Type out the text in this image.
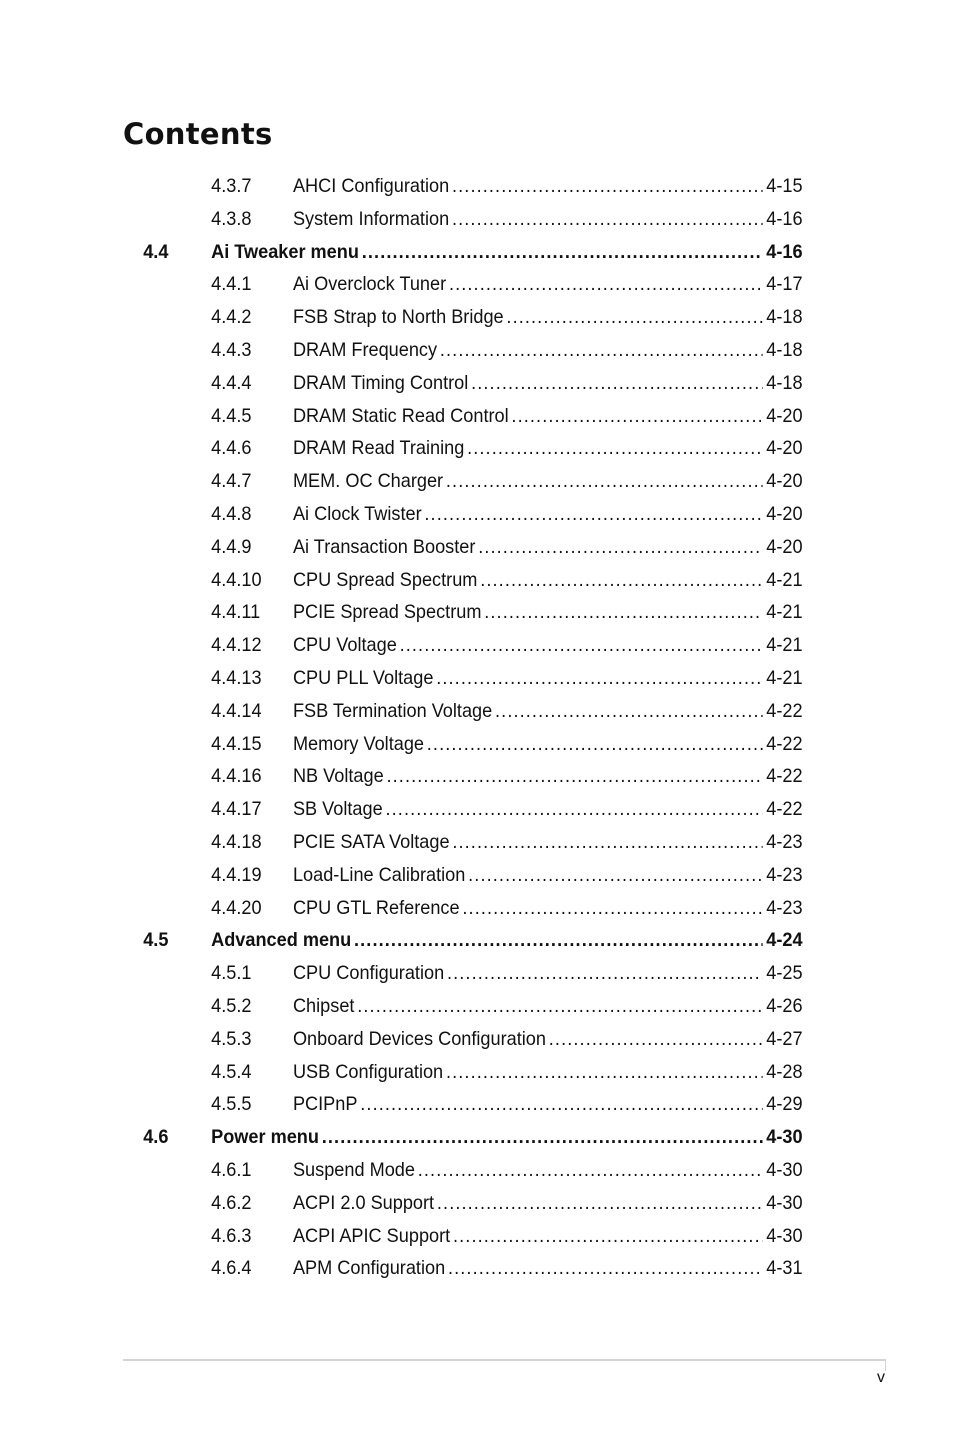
Contents
4.3.7 AHCI Configuration .....	4-15
4.3.8 System Information .....	4-16
4.4 Ai Tweaker menu .....	4-16
4.4.1 Ai Overclock Tuner .....	4-17
4.4.2 FSB Strap to North Bridge .....	4-18
4.4.3 DRAM Frequency .....	4-18
4.4.4 DRAM Timing Control .....	4-18
4.4.5 DRAM Static Read Control .....	4-20
4.4.6 DRAM Read Training .....	4-20
4.4.7 MEM. OC Charger .....	4-20
4.4.8 Ai Clock Twister .....	4-20
4.4.9 Ai Transaction Booster .....	4-20
4.4.10 CPU Spread Spectrum .....	4-21
4.4.11 PCIE Spread Spectrum .....	4-21
4.4.12 CPU Voltage .....	4-21
4.4.13 CPU PLL Voltage .....	4-21
4.4.14 FSB Termination Voltage .....	4-22
4.4.15 Memory Voltage .....	4-22
4.4.16 NB Voltage .....	4-22
4.4.17 SB Voltage .....	4-22
4.4.18 PCIE SATA Voltage .....	4-23
4.4.19 Load-Line Calibration .....	4-23
4.4.20 CPU GTL Reference .....	4-23
4.5 Advanced menu .....	4-24
4.5.1 CPU Configuration .....	4-25
4.5.2 Chipset .....	4-26
4.5.3 Onboard Devices Configuration .....	4-27
4.5.4 USB Configuration .....	4-28
4.5.5 PCIPnP .....	4-29
4.6 Power menu .....	4-30
4.6.1 Suspend Mode .....	4-30
4.6.2 ACPI 2.0 Support .....	4-30
4.6.3 ACPI APIC Support .....	4-30
4.6.4 APM Configuration .....	4-31
v
